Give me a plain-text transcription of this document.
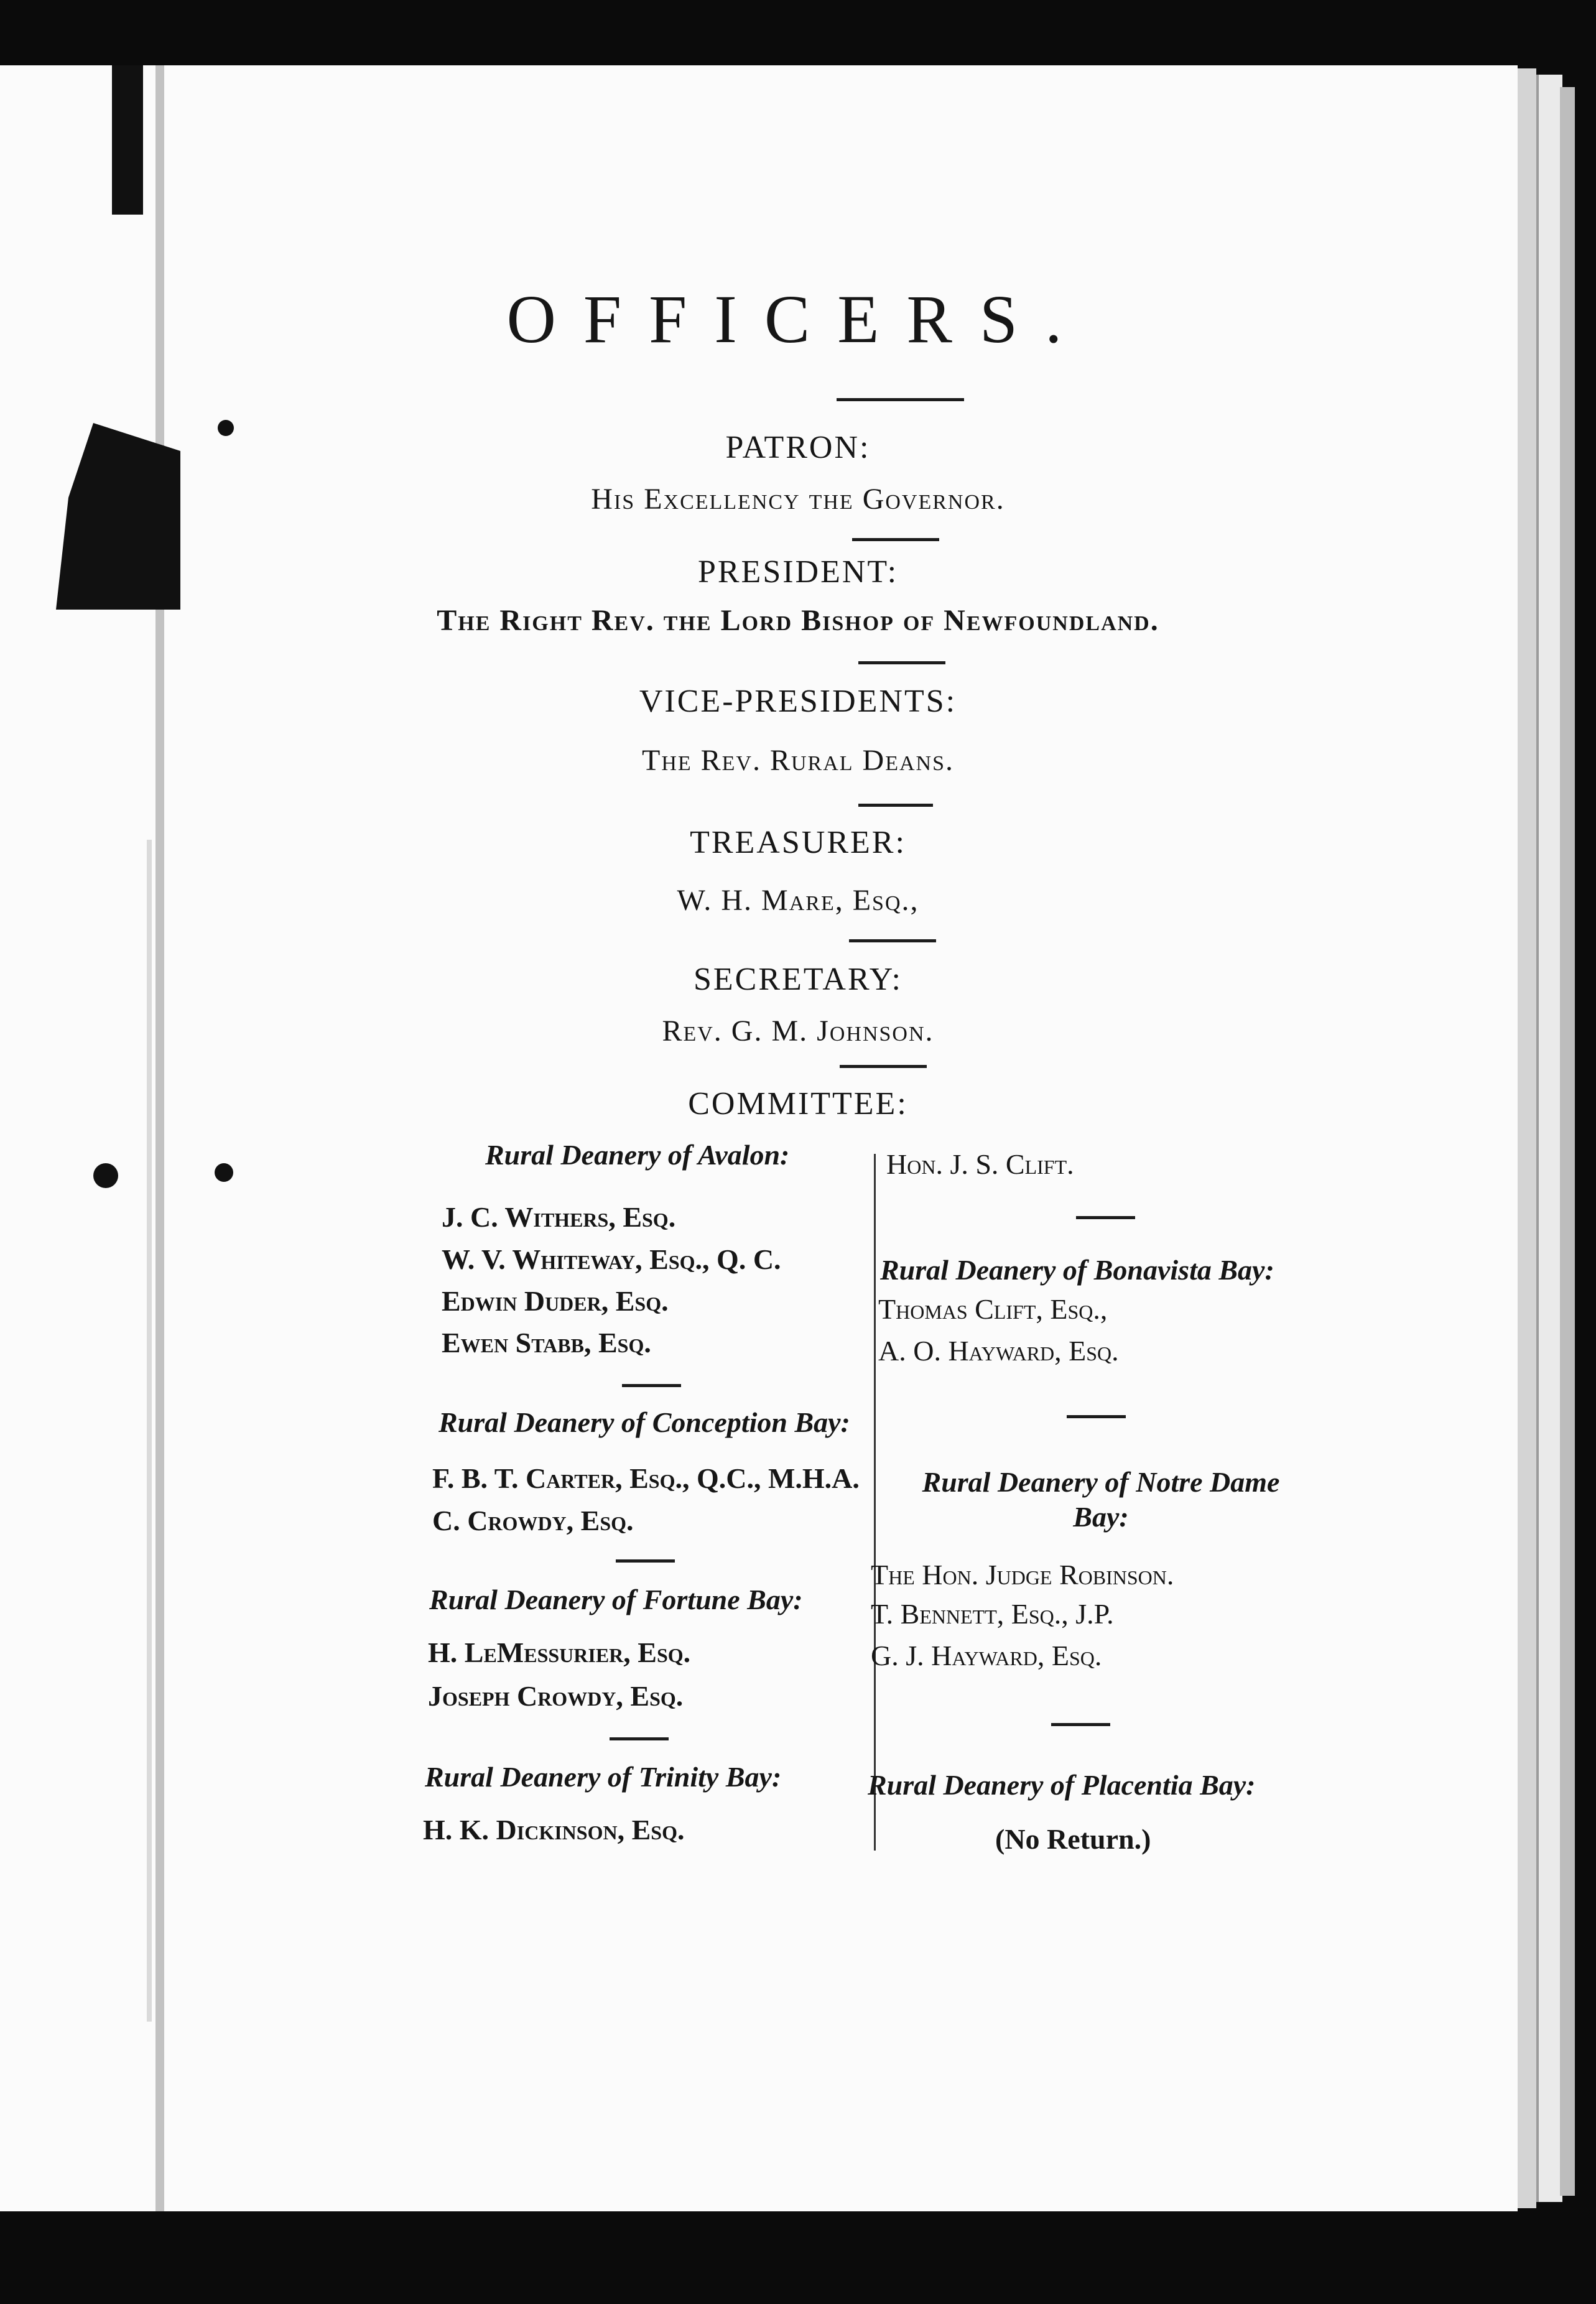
OFFICERS.
PATRON:
His Excellency the Governor.
PRESIDENT:
The Right Rev. the Lord Bishop of Newfoundland.
VICE-PRESIDENTS:
The Rev. Rural Deans.
TREASURER:
W. H. Mare, Esq.,
SECRETARY:
Rev. G. M. Johnson.
COMMITTEE:
Rural Deanery of Avalon:
J. C. Withers, Esq.
W. V. Whiteway, Esq., Q. C.
Edwin Duder, Esq.
Ewen Stabb, Esq.
Rural Deanery of Conception Bay:
F. B. T. Carter, Esq., Q.C., M.H.A.
C. Crowdy, Esq.
Rural Deanery of Fortune Bay:
H. LeMessurier, Esq.
Joseph Crowdy, Esq.
Rural Deanery of Trinity Bay:
H. K. Dickinson, Esq.
Hon. J. S. Clift.
Rural Deanery of Bonavista Bay:
Thomas Clift, Esq.,
A. O. Hayward, Esq.
Rural Deanery of Notre Dame Bay:
The Hon. Judge Robinson.
T. Bennett, Esq., J.P.
G. J. Hayward, Esq.
Rural Deanery of Placentia Bay:
(No Return.)
